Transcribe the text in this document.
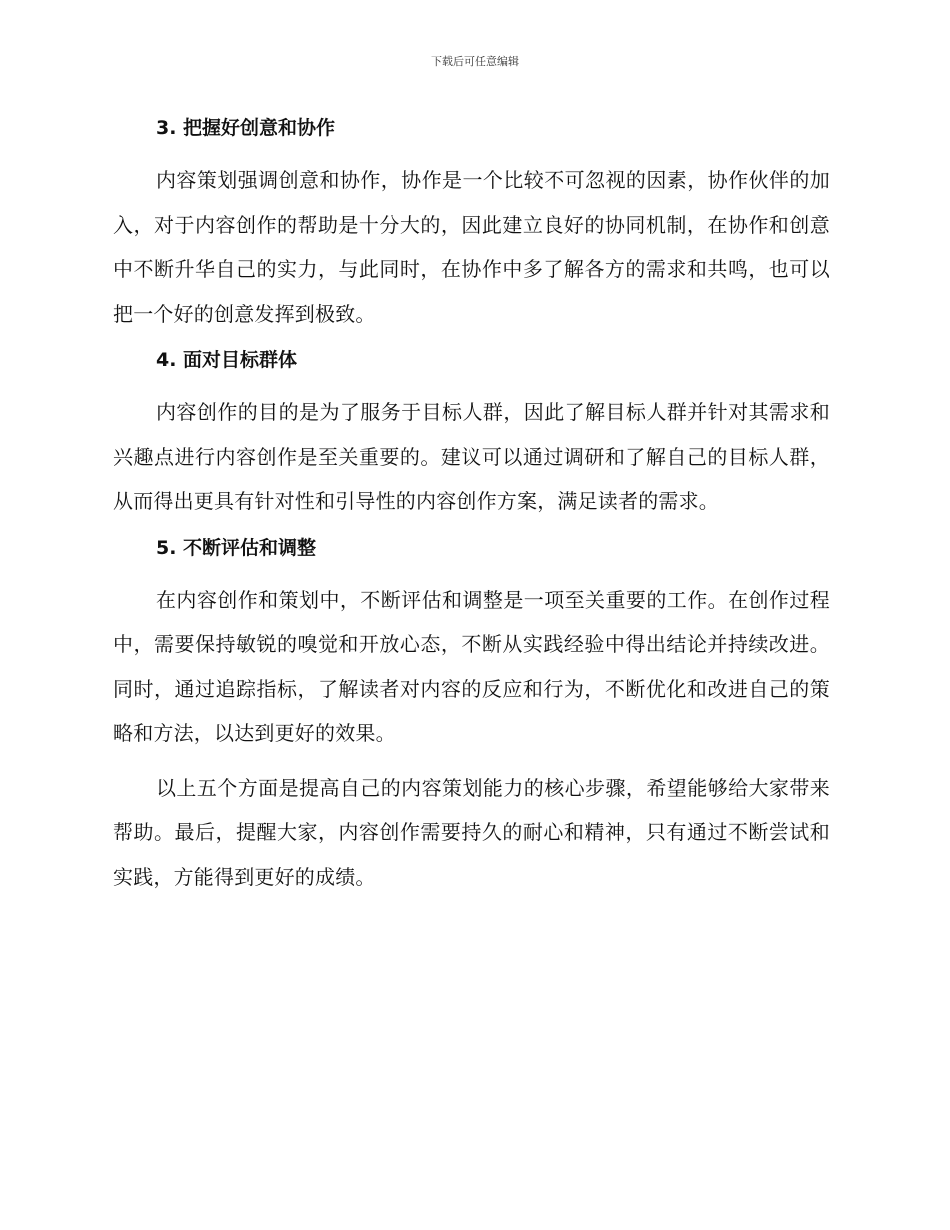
下载后可任意编辑
3. 把握好创意和协作

内容策划强调创意和协作，协作是一个比较不可忽视的因素，协作伙伴的加入，对于内容创作的帮助是十分大的，因此建立良好的协同机制，在协作和创意中不断升华自己的实力，与此同时，在协作中多了解各方的需求和共鸣，也可以把一个好的创意发挥到极致。

4. 面对目标群体

内容创作的目的是为了服务于目标人群，因此了解目标人群并针对其需求和兴趣点进行内容创作是至关重要的。建议可以通过调研和了解自己的目标人群，从而得出更具有针对性和引导性的内容创作方案，满足读者的需求。

5. 不断评估和调整

在内容创作和策划中，不断评估和调整是一项至关重要的工作。在创作过程中，需要保持敏锐的嗅觉和开放心态，不断从实践经验中得出结论并持续改进。同时，通过追踪指标，了解读者对内容的反应和行为，不断优化和改进自己的策略和方法，以达到更好的效果。

以上五个方面是提高自己的内容策划能力的核心步骤，希望能够给大家带来帮助。最后，提醒大家，内容创作需要持久的耐心和精神，只有通过不断尝试和实践，方能得到更好的成绩。
